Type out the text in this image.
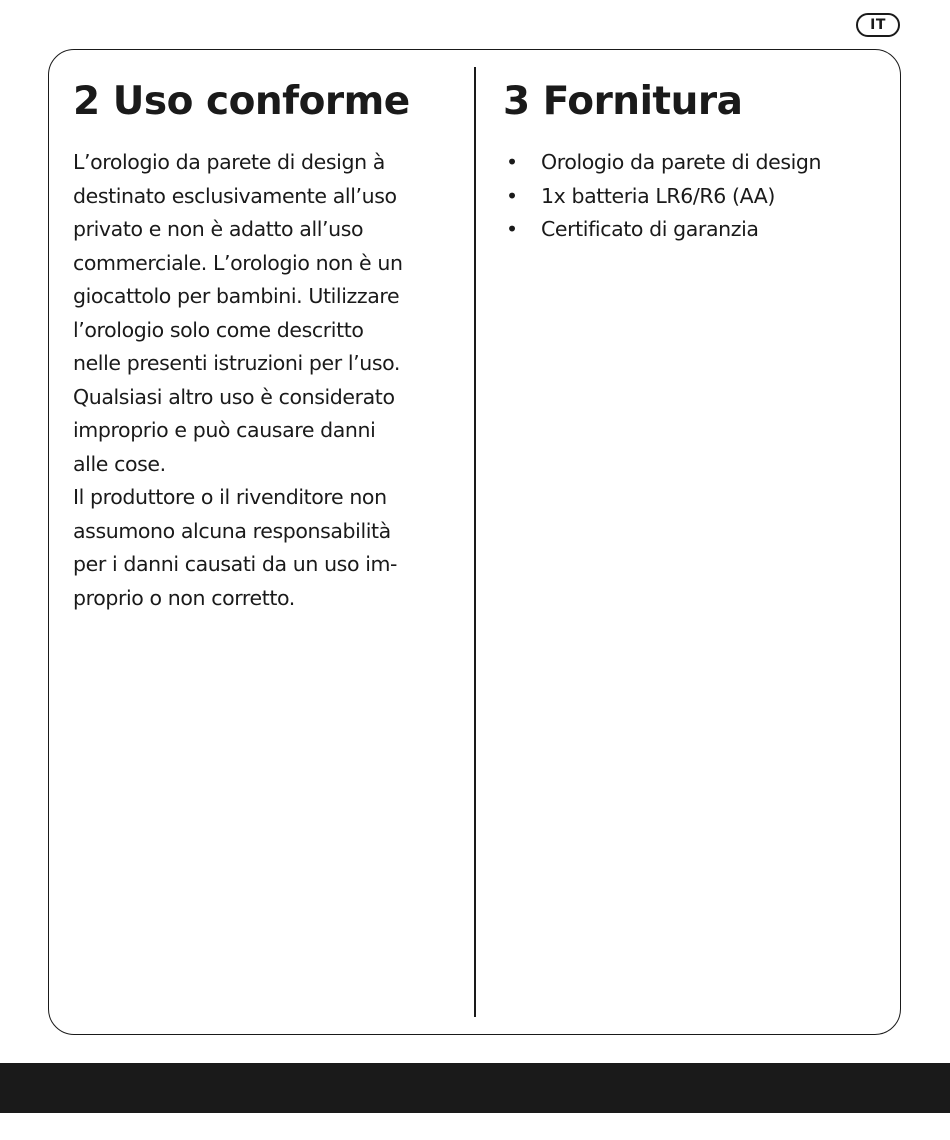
IT
2 Uso conforme

L’orologio da parete di design à
destinato esclusivamente all’uso
privato e non è adatto all’uso
commerciale. L’orologio non è un
giocattolo per bambini. Utilizzare
l’orologio solo come descritto
nelle presenti istruzioni per l’uso.
Qualsiasi altro uso è considerato
improprio e può causare danni
alle cose.
Il produttore o il rivenditore non
assumono alcuna responsabilità
per i danni causati da un uso im-
proprio o non corretto.

3 Fornitura
• Orologio da parete di design
• 1x batteria LR6/R6 (AA)
• Certificato di garanzia
